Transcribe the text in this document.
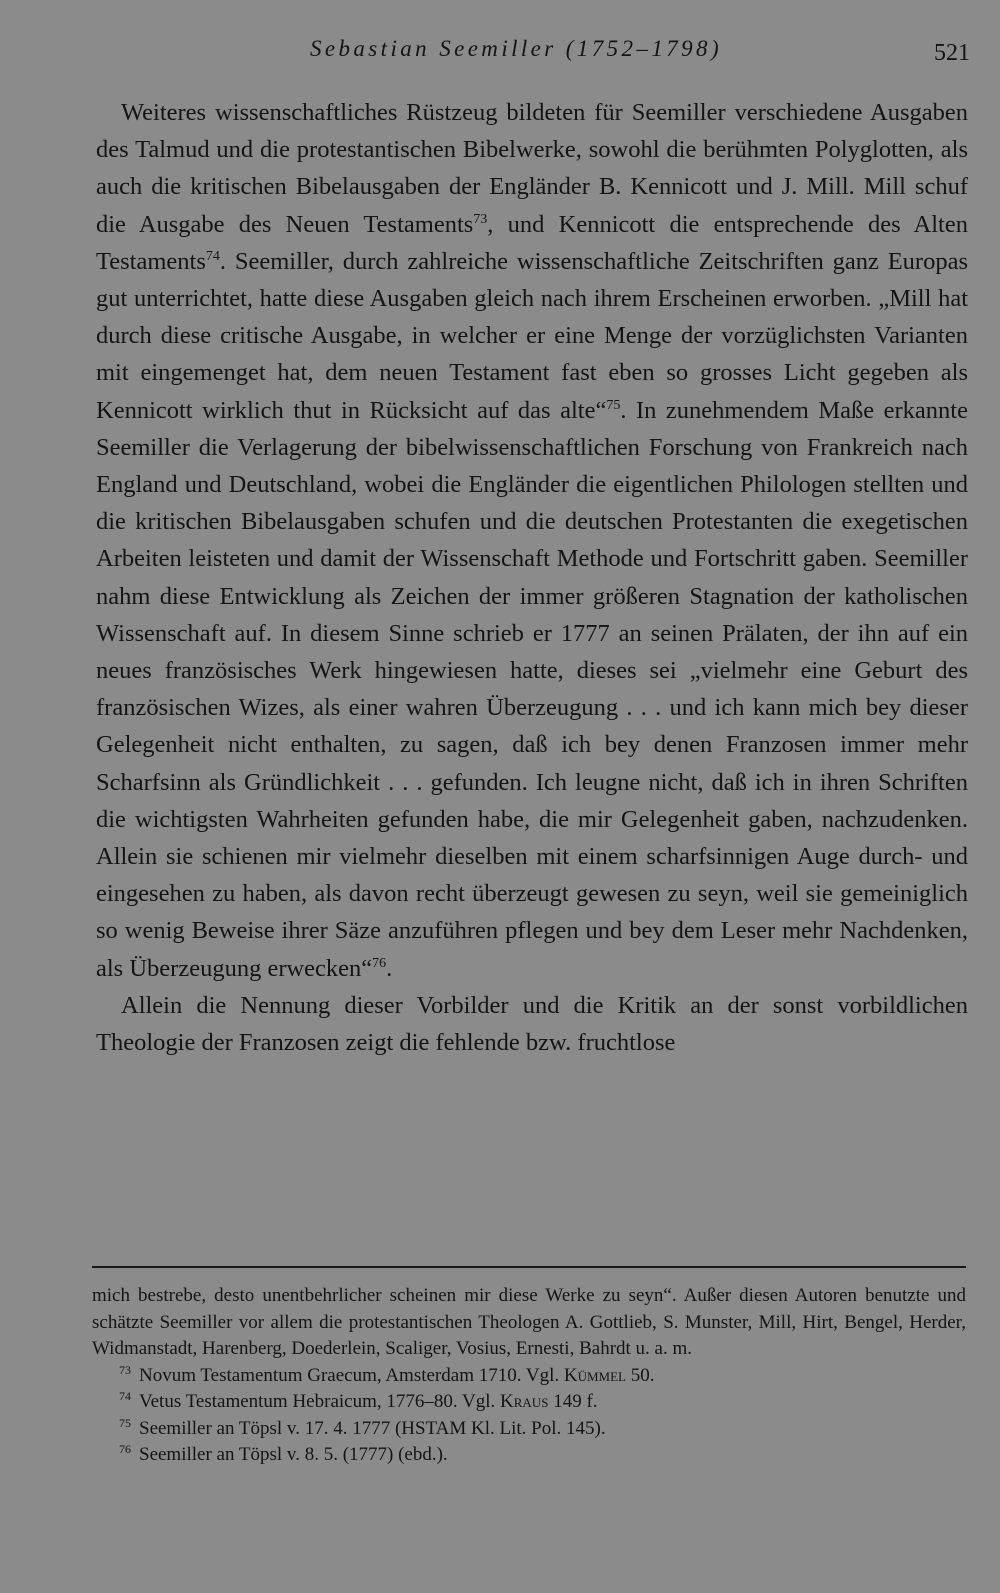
Sebastian Seemiller (1752–1798)	521

Weiteres wissenschaftliches Rüstzeug bildeten für Seemiller verschiedene Ausgaben des Talmud und die protestantischen Bibelwerke, sowohl die berühmten Polyglotten, als auch die kritischen Bibelausgaben der Engländer B. Kennicott und J. Mill. Mill schuf die Ausgabe des Neuen Testaments$^{73}$, und Kennicott die entsprechende des Alten Testaments$^{74}$. Seemiller, durch zahlreiche wissenschaftliche Zeitschriften ganz Europas gut unterrichtet, hatte diese Ausgaben gleich nach ihrem Erscheinen erworben. „Mill hat durch diese critische Ausgabe, in welcher er eine Menge der vorzüglichsten Varianten mit eingemenget hat, dem neuen Testament fast eben so grosses Licht gegeben als Kennicott wirklich thut in Rücksicht auf das alte“$^{75}$. In zunehmendem Maße erkannte Seemiller die Verlagerung der bibelwissenschaftlichen Forschung von Frankreich nach England und Deutschland, wobei die Engländer die eigentlichen Philologen stellten und die kritischen Bibelausgaben schufen und die deutschen Protestanten die exegetischen Arbeiten leisteten und damit der Wissenschaft Methode und Fortschritt gaben. Seemiller nahm diese Entwicklung als Zeichen der immer größeren Stagnation der katholischen Wissenschaft auf. In diesem Sinne schrieb er 1777 an seinen Prälaten, der ihn auf ein neues französisches Werk hingewiesen hatte, dieses sei „vielmehr eine Geburt des französischen Wizes, als einer wahren Überzeugung . . . und ich kann mich bey dieser Gelegenheit nicht enthalten, zu sagen, daß ich bey denen Franzosen immer mehr Scharfsinn als Gründlichkeit . . . gefunden. Ich leugne nicht, daß ich in ihren Schriften die wichtigsten Wahrheiten gefunden habe, die mir Gelegenheit gaben, nachzudenken. Allein sie schienen mir vielmehr dieselben mit einem scharfsinnigen Auge durch- und eingesehen zu haben, als davon recht überzeugt gewesen zu seyn, weil sie gemeiniglich so wenig Beweise ihrer Säze anzuführen pflegen und bey dem Leser mehr Nachdenken, als Überzeugung erwecken“$^{76}$.

Allein die Nennung dieser Vorbilder und die Kritik an der sonst vorbildlichen Theologie der Franzosen zeigt die fehlende bzw. fruchtlose

mich bestrebe, desto unentbehrlicher scheinen mir diese Werke zu seyn“. Außer diesen Autoren benutzte und schätzte Seemiller vor allem die protestantischen Theologen A. Gottlieb, S. Munster, Mill, Hirt, Bengel, Herder, Widmanstadt, Harenberg, Doederlein, Scaliger, Vosius, Ernesti, Bahrdt u. a. m.

$^{73}$ Novum Testamentum Graecum, Amsterdam 1710. Vgl. Kümmel 50.

$^{74}$ Vetus Testamentum Hebraicum, 1776–80. Vgl. Kraus 149 f.

$^{75}$ Seemiller an Töpsl v. 17. 4. 1777 (HSTAM Kl. Lit. Pol. 145).

$^{76}$ Seemiller an Töpsl v. 8. 5. (1777) (ebd.).
